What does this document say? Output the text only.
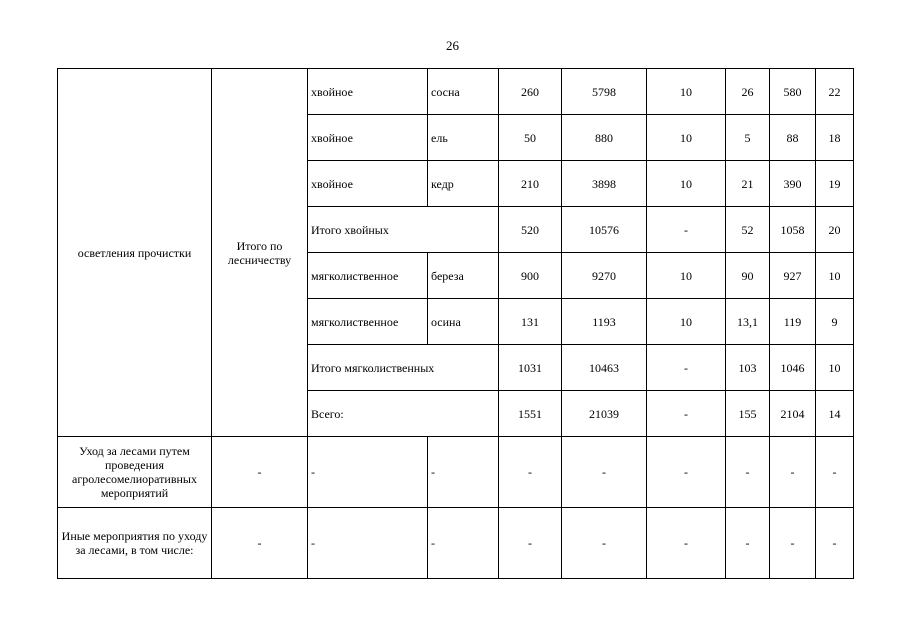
26
осветления прочистки	Итого по лесничеству	хвойное	сосна	260	5798	10	26	580	22
		хвойное	ель	50	880	10	5	88	18
		хвойное	кедр	210	3898	10	21	390	19
		Итого хвойных		520	10576	-	52	1058	20
		мягколиственное	береза	900	9270	10	90	927	10
		мягколиственное	осина	131	1193	10	13,1	119	9
		Итого мягколиственных		1031	10463	-	103	1046	10
		Всего:		1551	21039	-	155	2104	14
Уход за лесами путем проведения агролесомелиоративных мероприятий	-	-	-	-	-	-	-	-	-
Иные мероприятия по уходу за лесами, в том числе:	-	-	-	-	-	-	-	-	-
